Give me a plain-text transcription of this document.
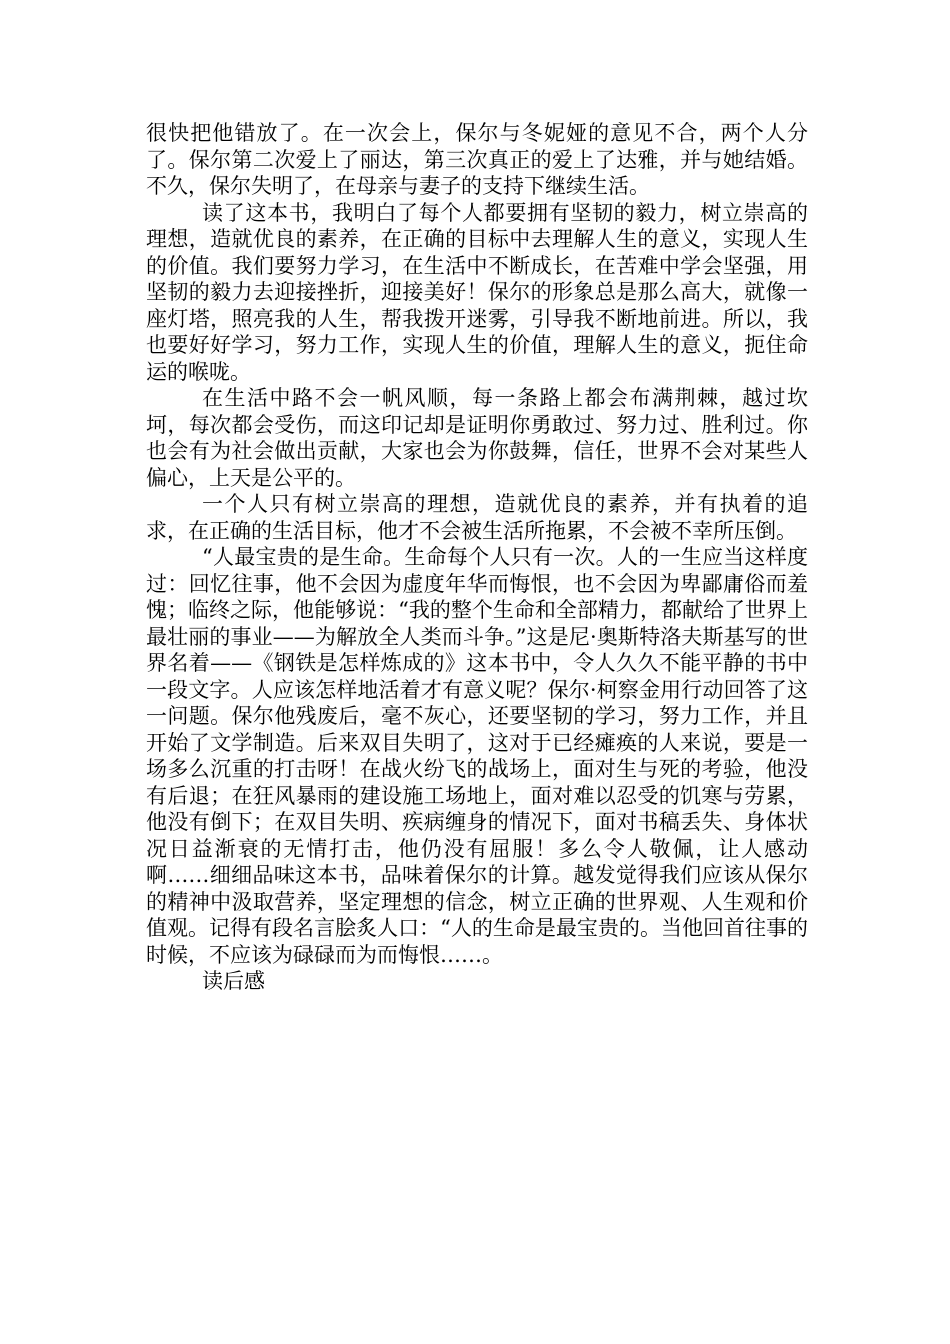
很快把他错放了。在一次会上，保尔与冬妮娅的意见不合，两个人分了。保尔第二次爱上了丽达，第三次真正的爱上了达雅，并与她结婚。不久，保尔失明了，在母亲与妻子的支持下继续生活。

读了这本书，我明白了每个人都要拥有坚韧的毅力，树立崇高的理想，造就优良的素养，在正确的目标中去理解人生的意义，实现人生的价值。我们要努力学习，在生活中不断成长，在苦难中学会坚强，用坚韧的毅力去迎接挫折，迎接美好！保尔的形象总是那么高大，就像一座灯塔，照亮我的人生，帮我拨开迷雾，引导我不断地前进。所以，我也要好好学习，努力工作，实现人生的价值，理解人生的意义，扼住命运的喉咙。

在生活中路不会一帆风顺，每一条路上都会布满荆棘，越过坎坷，每次都会受伤，而这印记却是证明你勇敢过、努力过、胜利过。你也会有为社会做出贡献，大家也会为你鼓舞，信任，世界不会对某些人偏心，上天是公平的。

一个人只有树立崇高的理想，造就优良的素养，并有执着的追求，在正确的生活目标，他才不会被生活所拖累，不会被不幸所压倒。

“人最宝贵的是生命。生命每个人只有一次。人的一生应当这样度过：回忆往事，他不会因为虚度年华而悔恨，也不会因为卑鄙庸俗而羞愧；临终之际，他能够说：“我的整个生命和全部精力，都献给了世界上最壮丽的事业——为解放全人类而斗争。”这是尼·奥斯特洛夫斯基写的世界名着——《钢铁是怎样炼成的》这本书中，令人久久不能平静的书中一段文字。人应该怎样地活着才有意义呢？保尔·柯察金用行动回答了这一问题。保尔他残废后，毫不灰心，还要坚韧的学习，努力工作，并且开始了文学制造。后来双目失明了，这对于已经瘫痪的人来说，要是一场多么沉重的打击呀！在战火纷飞的战场上，面对生与死的考验，他没有后退；在狂风暴雨的建设施工场地上，面对难以忍受的饥寒与劳累，他没有倒下；在双目失明、疾病缠身的情况下，面对书稿丢失、身体状况日益渐衰的无情打击，他仍没有屈服！多么令人敬佩，让人感动啊……细细品味这本书，品味着保尔的计算。越发觉得我们应该从保尔的精神中汲取营养，坚定理想的信念，树立正确的世界观、人生观和价值观。记得有段名言脍炙人口：“人的生命是最宝贵的。当他回首往事的时候，不应该为碌碌而为而悔恨……。

读后感
